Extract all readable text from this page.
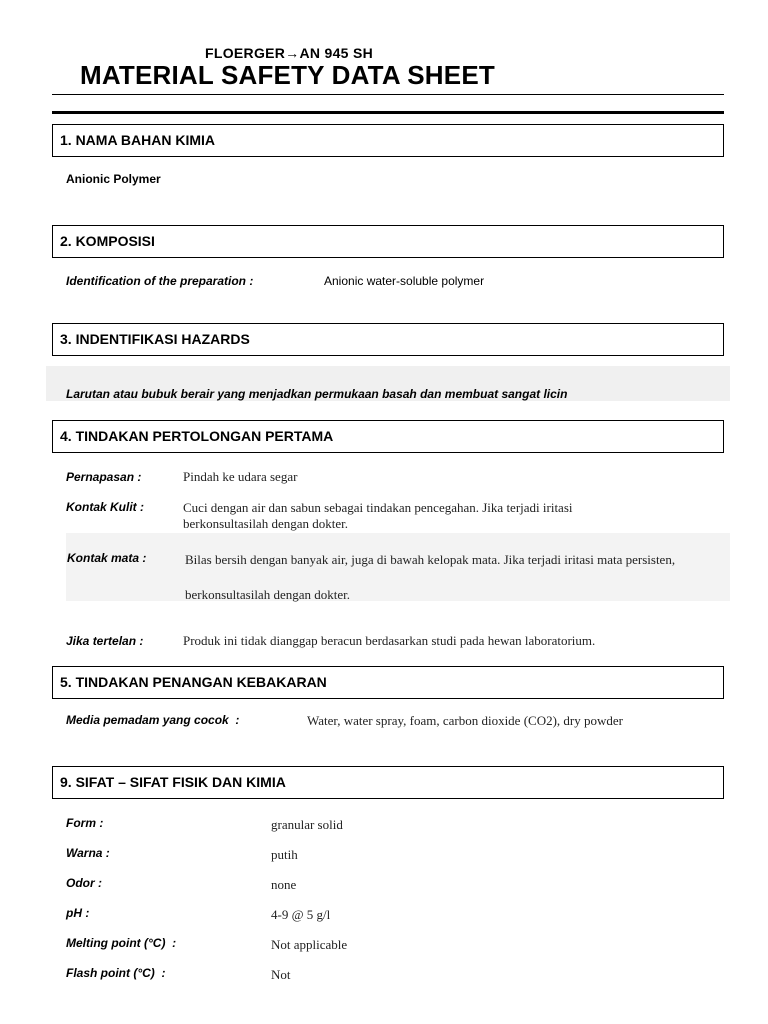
FLOERGER→AN 945 SH
MATERIAL SAFETY DATA SHEET
1. NAMA BAHAN KIMIA
Anionic Polymer
2. KOMPOSISI
Identification of the preparation :	Anionic water-soluble polymer
3. INDENTIFIKASI HAZARDS
Larutan atau bubuk berair yang menjadkan permukaan basah dan membuat sangat licin
4. TINDAKAN PERTOLONGAN PERTAMA
Pernapasan :	Pindah ke udara segar
Kontak Kulit :	Cuci dengan air dan sabun sebagai tindakan pencegahan. Jika terjadi iritasi
berkonsultasilah dengan dokter.
Kontak mata :	Bilas bersih dengan banyak air, juga di bawah kelopak mata. Jika terjadi iritasi mata persisten,
berkonsultasilah dengan dokter.
Jika tertelan :	Produk ini tidak dianggap beracun berdasarkan studi pada hewan laboratorium.
5. TINDAKAN PENANGAN KEBAKARAN
Media pemadam yang cocok  :	Water, water spray, foam, carbon dioxide (CO2), dry powder
9. SIFAT – SIFAT FISIK DAN KIMIA
Form :	granular solid
Warna :	putih
Odor :	none
pH :	4-9 @ 5 g/l
Melting point (°C)  :	Not applicable
Flash point (°C)  :	Not
